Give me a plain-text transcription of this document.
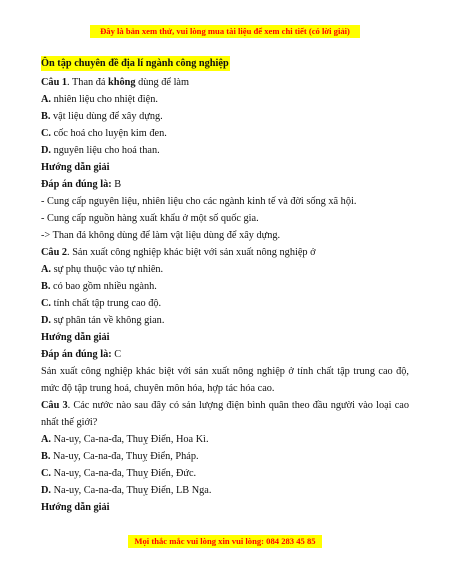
Đây là bản xem thử, vui lòng mua tài liệu để xem chi tiết (có lời giải)
Ôn tập chuyên đề địa lí ngành công nghiệp
Câu 1. Than đá không dùng để làm
A. nhiên liệu cho nhiệt điện.
B. vật liệu dùng để xây dựng.
C. cốc hoá cho luyện kim đen.
D. nguyên liệu cho hoá than.
Hướng dẫn giải
Đáp án đúng là: B
- Cung cấp nguyên liệu, nhiên liệu cho các ngành kinh tế và đời sống xã hội.
- Cung cấp nguồn hàng xuất khẩu ở một số quốc gia.
-> Than đá không dùng để làm vật liệu dùng để xây dựng.
Câu 2. Sản xuất công nghiệp khác biệt với sản xuất nông nghiệp ở
A. sự phụ thuộc vào tự nhiên.
B. có bao gồm nhiều ngành.
C. tính chất tập trung cao độ.
D. sự phân tán về không gian.
Hướng dẫn giải
Đáp án đúng là: C
Sản xuất công nghiệp khác biệt với sản xuất nông nghiệp ở tính chất tập trung cao độ, mức độ tập trung hoá, chuyên môn hóa, hợp tác hóa cao.
Câu 3. Các nước nào sau đây có sản lượng điện bình quân theo đầu người vào loại cao nhất thế giới?
A. Na-uy, Ca-na-đa, Thuỵ Điển, Hoa Kì.
B. Na-uy, Ca-na-đa, Thuỵ Điển, Pháp.
C. Na-uy, Ca-na-đa, Thuỵ Điển, Đức.
D. Na-uy, Ca-na-đa, Thuỵ Điển, LB Nga.
Hướng dẫn giải
Mọi thắc mắc vui lòng xin vui lòng: 084 283 45 85
